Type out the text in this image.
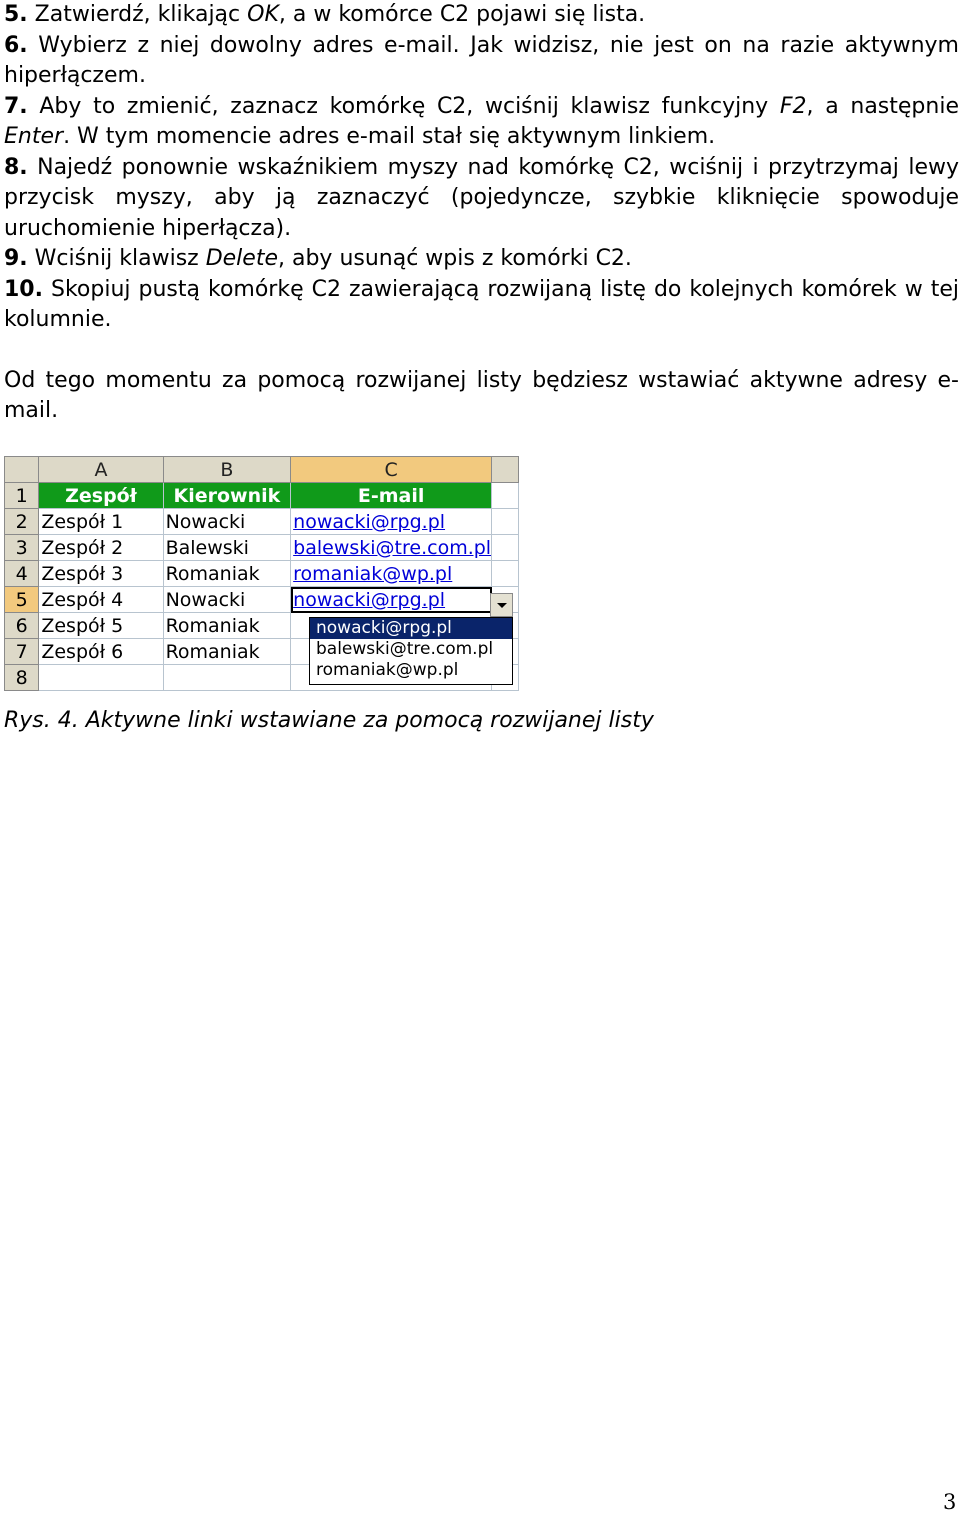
5. Zatwierdź, klikając OK, a w komórce C2 pojawi się lista.

6. Wybierz z niej dowolny adres e-mail. Jak widzisz, nie jest on na razie aktywnym hiperłączem.

7. Aby to zmienić, zaznacz komórkę C2, wciśnij klawisz funkcyjny F2, a następnie Enter. W tym momencie adres e-mail stał się aktywnym linkiem.

8. Najedź ponownie wskaźnikiem myszy nad komórkę C2, wciśnij i przytrzymaj lewy przycisk myszy, aby ją zaznaczyć (pojedyncze, szybkie kliknięcie spowoduje uruchomienie hiperłącza).

9. Wciśnij klawisz Delete, aby usunąć wpis z komórki C2.

10. Skopiuj pustą komórkę C2 zawierającą rozwijaną listę do kolejnych komórek w tej kolumnie.

Od tego momentu za pomocą rozwijanej listy będziesz wstawiać aktywne adresy e-mail.

	A	B	C	
1	Zespół	Kierownik	E-mail	
2	Zespół 1	Nowacki	nowacki@rpg.pl	
3	Zespół 2	Balewski	balewski@tre.com.pl	
4	Zespół 3	Romaniak	romaniak@wp.pl	
5	Zespół 4	Nowacki	nowacki@rpg.pl	
6	Zespół 5	Romaniak		
7	Zespół 6	Romaniak		
8				
nowacki@rpg.pl
balewski@tre.com.pl
romaniak@wp.pl
Rys. 4. Aktywne linki wstawiane za pomocą rozwijanej listy
3
